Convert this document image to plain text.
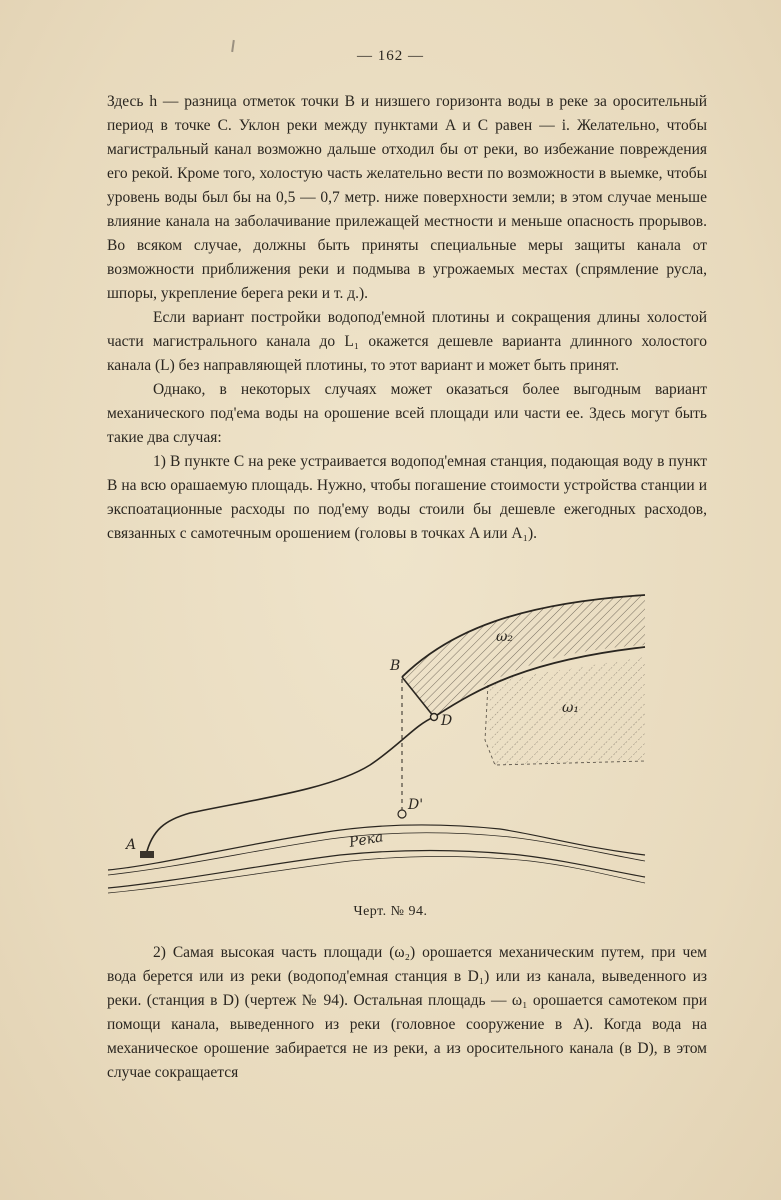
— 162 —

Здесь h — разница отметок точки B и низшего горизонта воды в реке за оросительный период в точке C. Уклон реки между пунктами A и C равен — i. Желательно, чтобы магистральный канал возможно дальше отходил бы от реки, во избежание повреждения его рекой. Кроме того, холостую часть желательно вести по возможности в выемке, чтобы уровень воды был бы на 0,5 — 0,7 метр. ниже поверхности земли; в этом случае меньше влияние канала на заболачивание прилежащей местности и меньше опасность прорывов. Во всяком случае, должны быть приняты специальные меры защиты канала от возможности приближения реки и подмыва в угрожаемых местах (спрямление русла, шпоры, укрепление берега реки и т. д.).

Если вариант постройки водопод'емной плотины и сокращения длины холостой части магистрального канала до L₁ окажется дешевле варианта длинного холостого канала (L) без направляющей плотины, то этот вариант и может быть принят.

Однако, в некоторых случаях может оказаться более выгодным вариант механического под'ема воды на орошение всей площади или части ее. Здесь могут быть такие два случая:

1) В пункте C на реке устраивается водопод'емная станция, подающая воду в пункт B на всю орашаемую площадь. Нужно, чтобы погашение стоимости устройства станции и экспоатационные расходы по под'ему воды стоили бы дешевле ежегодных расходов, связанных с самотечным орошением (головы в точках A или A₁).

B
D
D'
A
ω₂
ω₁
Река
Черт. № 94.

2) Самая высокая часть площади (ω₂) орошается механическим путем, при чем вода берется или из реки (водопод'емная станция в D₁) или из канала, выведенного из реки. (станция в D) (чертеж № 94). Остальная площадь — ω₁ орошается самотеком при помощи канала, выведенного из реки (головное сооружение в A). Когда вода на механическое орошение забирается не из реки, а из оросительного канала (в D), в этом случае сокращается
